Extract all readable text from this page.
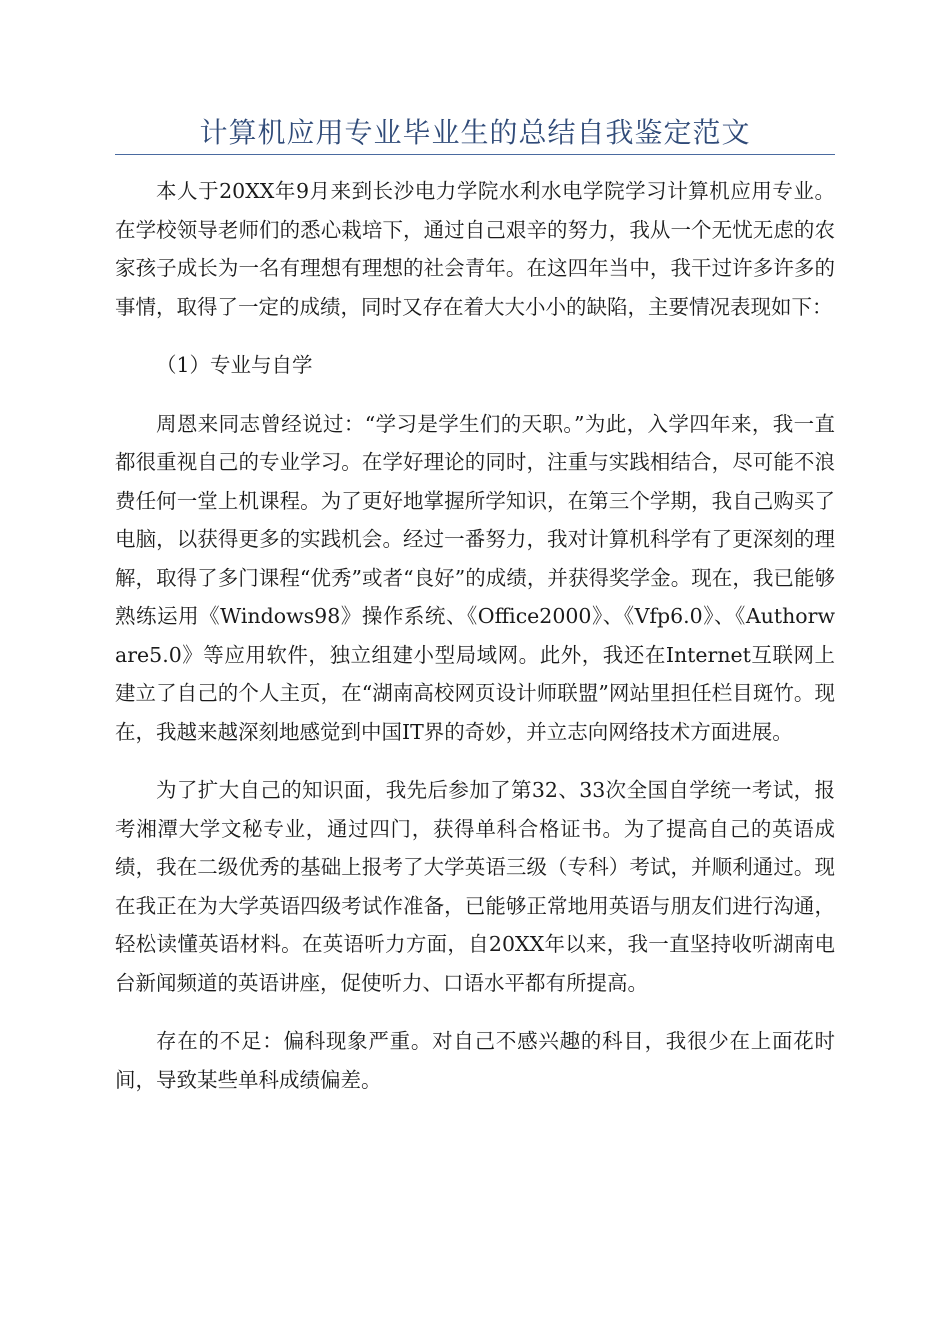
计算机应用专业毕业生的总结自我鉴定范文

本人于20XX年9月来到长沙电力学院水利水电学院学习计算机应用专业。在学校领导老师们的悉心栽培下，通过自己艰辛的努力，我从一个无忧无虑的农家孩子成长为一名有理想有理想的社会青年。在这四年当中，我干过许多许多的事情，取得了一定的成绩，同时又存在着大大小小的缺陷，主要情况表现如下：

（1）专业与自学

周恩来同志曾经说过：“学习是学生们的天职。”为此，入学四年来，我一直都很重视自己的专业学习。在学好理论的同时，注重与实践相结合，尽可能不浪费任何一堂上机课程。为了更好地掌握所学知识，在第三个学期，我自己购买了电脑，以获得更多的实践机会。经过一番努力，我对计算机科学有了更深刻的理解，取得了多门课程“优秀”或者“良好”的成绩，并获得奖学金。现在，我已能够熟练运用《Windows98》操作系统、《Office2000》、《Vfp6.0》、《Authorware5.0》等应用软件，独立组建小型局域网。此外，我还在Internet互联网上建立了自己的个人主页，在“湖南高校网页设计师联盟”网站里担任栏目斑竹。现在，我越来越深刻地感觉到中国IT界的奇妙，并立志向网络技术方面进展。

为了扩大自己的知识面，我先后参加了第32、33次全国自学统一考试，报考湘潭大学文秘专业，通过四门，获得单科合格证书。为了提高自己的英语成绩，我在二级优秀的基础上报考了大学英语三级（专科）考试，并顺利通过。现在我正在为大学英语四级考试作准备，已能够正常地用英语与朋友们进行沟通，轻松读懂英语材料。在英语听力方面，自20XX年以来，我一直坚持收听湖南电台新闻频道的英语讲座，促使听力、口语水平都有所提高。

存在的不足：偏科现象严重。对自己不感兴趣的科目，我很少在上面花时间，导致某些单科成绩偏差。
